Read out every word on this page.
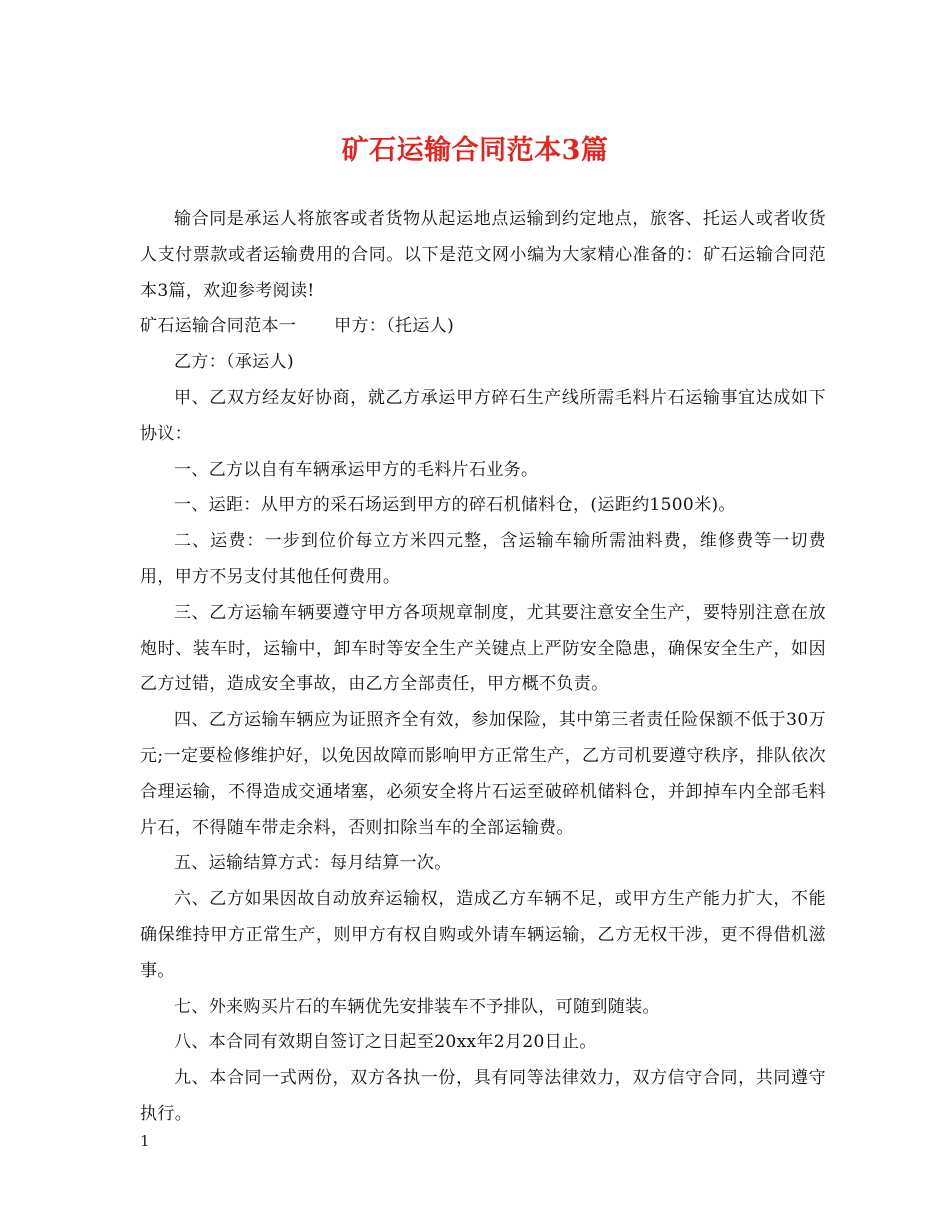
矿石运输合同范本3篇

输合同是承运人将旅客或者货物从起运地点运输到约定地点，旅客、托运人或者收货人支付票款或者运输费用的合同。以下是范文网小编为大家精心准备的：矿石运输合同范本3篇，欢迎参考阅读!

矿石运输合同范本一 甲方：（托运人)

乙方：（承运人)

甲、乙双方经友好协商，就乙方承运甲方碎石生产线所需毛料片石运输事宜达成如下协议：

一、乙方以自有车辆承运甲方的毛料片石业务。

一、运距：从甲方的采石场运到甲方的碎石机储料仓，(运距约1500米)。

二、运费：一步到位价每立方米四元整，含运输车输所需油料费，维修费等一切费用，甲方不另支付其他任何费用。

三、乙方运输车辆要遵守甲方各项规章制度，尤其要注意安全生产，要特别注意在放炮时、装车时，运输中，卸车时等安全生产关键点上严防安全隐患，确保安全生产，如因乙方过错，造成安全事故，由乙方全部责任，甲方概不负责。

四、乙方运输车辆应为证照齐全有效，参加保险，其中第三者责任险保额不低于30万元;一定要检修维护好，以免因故障而影响甲方正常生产，乙方司机要遵守秩序，排队依次合理运输，不得造成交通堵塞，必须安全将片石运至破碎机储料仓，并卸掉车内全部毛料片石，不得随车带走余料，否则扣除当车的全部运输费。

五、运输结算方式：每月结算一次。

六、乙方如果因故自动放弃运输权，造成乙方车辆不足，或甲方生产能力扩大，不能确保维持甲方正常生产，则甲方有权自购或外请车辆运输，乙方无权干涉，更不得借机滋事。

七、外来购买片石的车辆优先安排装车不予排队，可随到随装。

八、本合同有效期自签订之日起至20xx年2月20日止。

九、本合同一式两份，双方各执一份，具有同等法律效力，双方信守合同，共同遵守执行。

1
